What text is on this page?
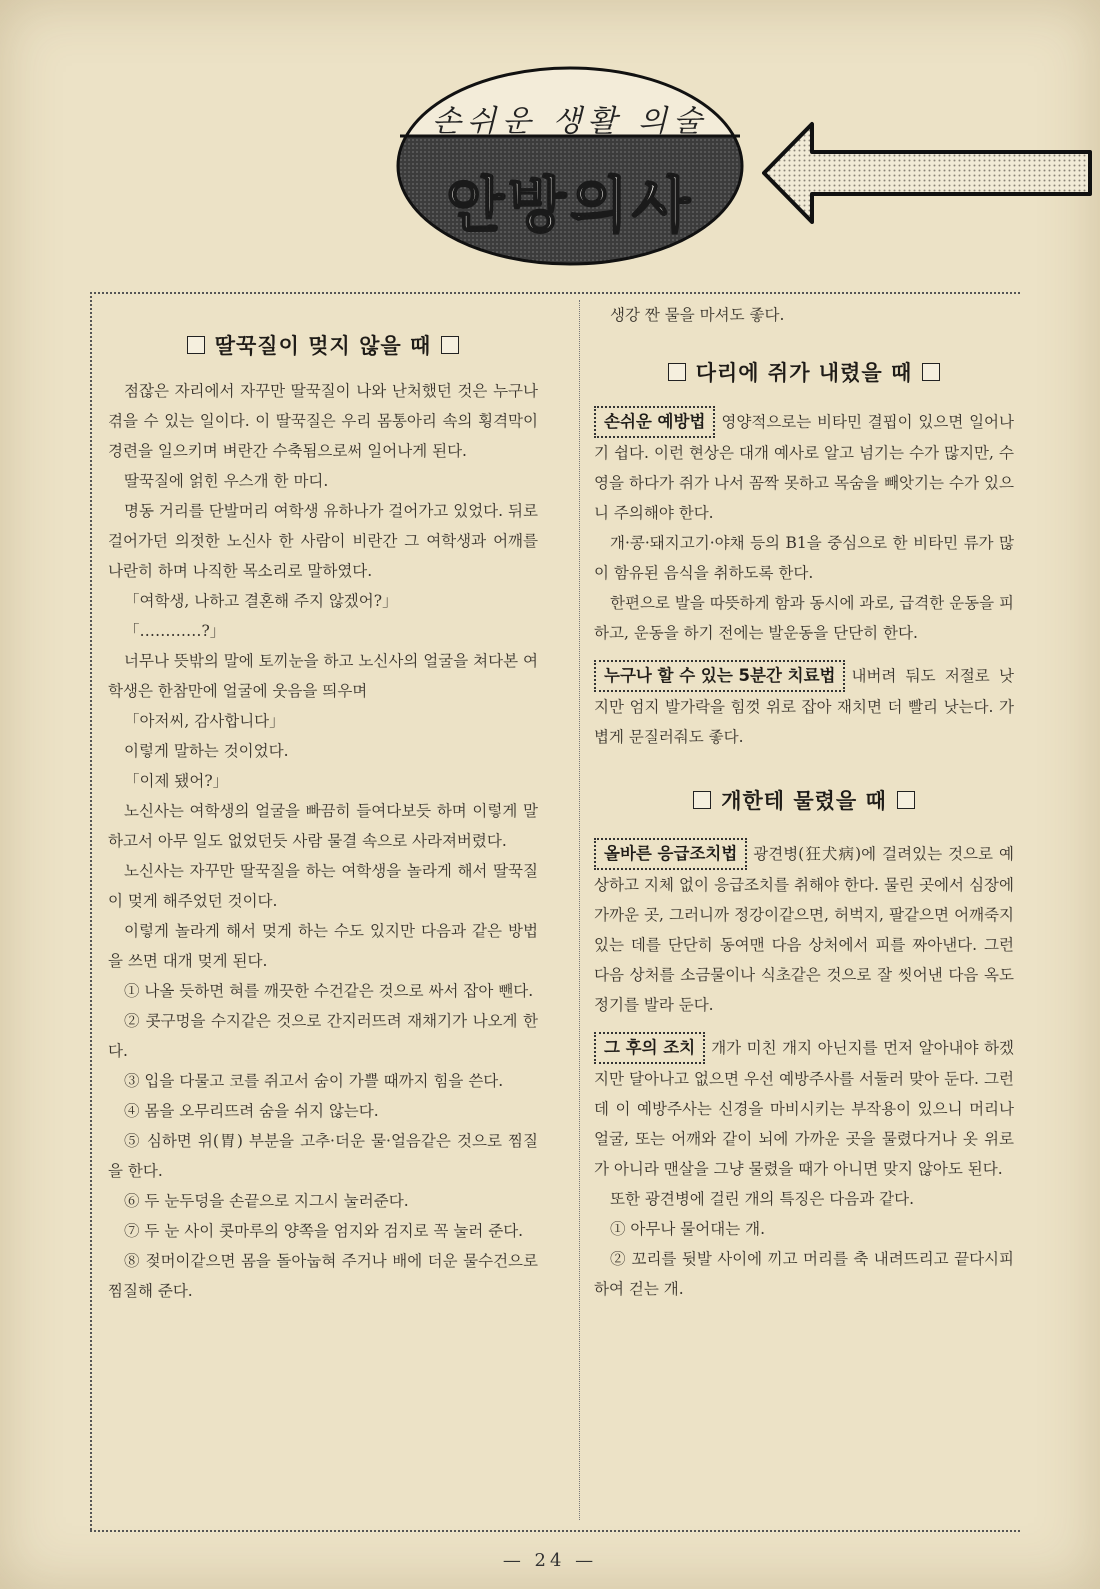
손쉬운 생활 의술
안방의사
딸꾹질이 멎지 않을 때

점잖은 자리에서 자꾸만 딸꾹질이 나와 난처했던 것은 누구나 겪을 수 있는 일이다. 이 딸꾹질은 우리 몸통아리 속의 횡격막이 경련을 일으키며 벼란간 수축됨으로써 일어나게 된다.

딸꾹질에 얽힌 우스개 한 마디.

명동 거리를 단발머리 여학생 유하나가 걸어가고 있었다. 뒤로 걸어가던 의젓한 노신사 한 사람이 비란간 그 여학생과 어깨를 나란히 하며 나직한 목소리로 말하였다.

「여학생, 나하고 결혼해 주지 않겠어?」

「…………?」

너무나 뜻밖의 말에 토끼눈을 하고 노신사의 얼굴을 쳐다본 여학생은 한참만에 얼굴에 웃음을 띄우며

「아저씨, 감사합니다」

이렇게 말하는 것이었다.

「이제 됐어?」

노신사는 여학생의 얼굴을 빠끔히 들여다보듯 하며 이렇게 말하고서 아무 일도 없었던듯 사람 물결 속으로 사라져버렸다.

노신사는 자꾸만 딸꾹질을 하는 여학생을 놀라게 해서 딸꾹질이 멎게 해주었던 것이다.

이렇게 놀라게 해서 멎게 하는 수도 있지만 다음과 같은 방법을 쓰면 대개 멎게 된다.

① 나올 듯하면 혀를 깨끗한 수건같은 것으로 싸서 잡아 뺀다.

② 콧구멍을 수지같은 것으로 간지러뜨려 재채기가 나오게 한다.

③ 입을 다물고 코를 쥐고서 숨이 가쁠 때까지 힘을 쓴다.

④ 몸을 오무리뜨려 숨을 쉬지 않는다.

⑤ 심하면 위(胃) 부분을 고추·더운 물·얼음같은 것으로 찜질을 한다.

⑥ 두 눈두덩을 손끝으로 지그시 눌러준다.

⑦ 두 눈 사이 콧마루의 양쪽을 엄지와 검지로 꼭 눌러 준다.

⑧ 젖머이같으면 몸을 돌아눕혀 주거나 배에 더운 물수건으로 찜질해 준다.

생강 짠 물을 마셔도 좋다.

다리에 쥐가 내렸을 때

손쉬운 예방법 영양적으로는 비타민 결핍이 있으면 일어나기 쉽다. 이런 현상은 대개 예사로 알고 넘기는 수가 많지만, 수영을 하다가 쥐가 나서 꼼짝 못하고 목숨을 빼앗기는 수가 있으니 주의해야 한다.

개·콩·돼지고기·야채 등의 B1을 중심으로 한 비타민 류가 많이 함유된 음식을 취하도록 한다.

한편으로 발을 따뜻하게 함과 동시에 과로, 급격한 운동을 피하고, 운동을 하기 전에는 발운동을 단단히 한다.

누구나 할 수 있는 5분간 치료법 내버려 둬도 저절로 낫지만 엄지 발가락을 힘껏 위로 잡아 재치면 더 빨리 낫는다. 가볍게 문질러줘도 좋다.

개한테 물렸을 때

올바른 응급조치법 광견병(狂犬病)에 걸려있는 것으로 예상하고 지체 없이 응급조치를 취해야 한다. 물린 곳에서 심장에 가까운 곳, 그러니까 정강이같으면, 허벅지, 팔같으면 어깨죽지 있는 데를 단단히 동여맨 다음 상처에서 피를 짜아낸다. 그런 다음 상처를 소금물이나 식초같은 것으로 잘 씻어낸 다음 옥도정기를 발라 둔다.

그 후의 조치 개가 미친 개지 아닌지를 먼저 알아내야 하겠지만 달아나고 없으면 우선 예방주사를 서둘러 맞아 둔다. 그런데 이 예방주사는 신경을 마비시키는 부작용이 있으니 머리나 얼굴, 또는 어깨와 같이 뇌에 가까운 곳을 물렸다거나 옷 위로가 아니라 맨살을 그냥 물렸을 때가 아니면 맞지 않아도 된다.

또한 광견병에 걸린 개의 특징은 다음과 같다.

① 아무나 물어대는 개.

② 꼬리를 뒷발 사이에 끼고 머리를 축 내려뜨리고 끝다시피 하여 걷는 개.

— 24 —
